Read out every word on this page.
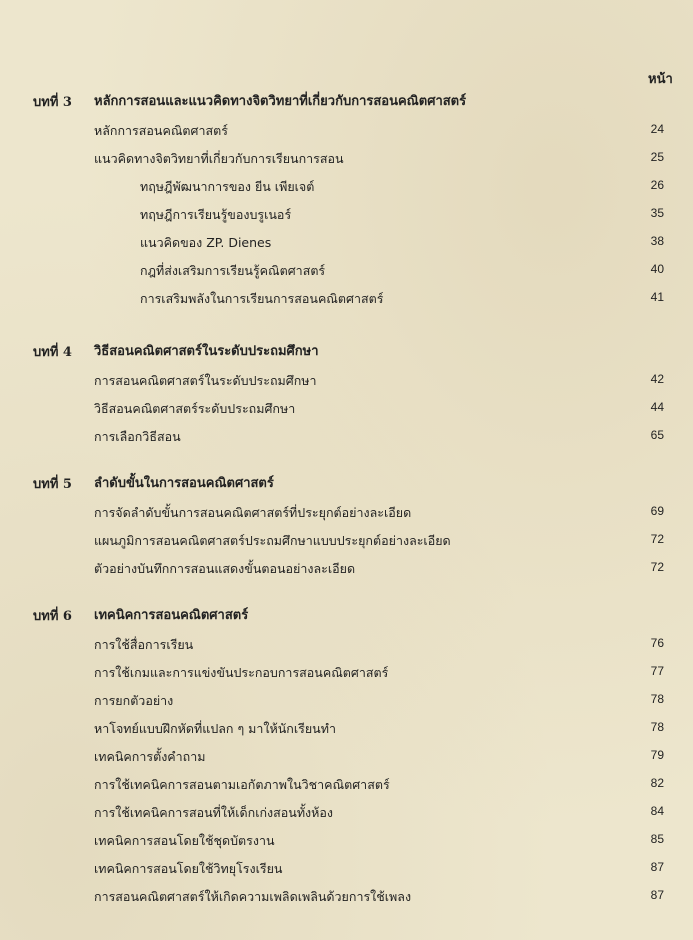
หน้า
บทที่ 3 หลักการสอนและแนวคิดทางจิตวิทยาที่เกี่ยวกับการสอนคณิตศาสตร์
หลักการสอนคณิตศาสตร์	24
แนวคิดทางจิตวิทยาที่เกี่ยวกับการเรียนการสอน	25
ทฤษฎีพัฒนาการของ ยีน เพียเจต์	26
ทฤษฎีการเรียนรู้ของบรูเนอร์	35
แนวคิดของ ZP. Dienes	38
กฎที่ส่งเสริมการเรียนรู้คณิตศาสตร์	40
การเสริมพลังในการเรียนการสอนคณิตศาสตร์	41
บทที่ 4 วิธีสอนคณิตศาสตร์ในระดับประถมศึกษา
การสอนคณิตศาสตร์ในระดับประถมศึกษา	42
วิธีสอนคณิตศาสตร์ระดับประถมศึกษา	44
การเลือกวิธีสอน	65
บทที่ 5 ลำดับขั้นในการสอนคณิตศาสตร์
การจัดลำดับขั้นการสอนคณิตศาสตร์ที่ประยุกต์อย่างละเอียด	69
แผนภูมิการสอนคณิตศาสตร์ประถมศึกษาแบบประยุกต์อย่างละเอียด	72
ตัวอย่างบันทึกการสอนแสดงขั้นตอนอย่างละเอียด	72
บทที่ 6 เทคนิคการสอนคณิตศาสตร์
การใช้สื่อการเรียน	76
การใช้เกมและการแข่งขันประกอบการสอนคณิตศาสตร์	77
การยกตัวอย่าง	78
หาโจทย์แบบฝึกหัดที่แปลก ๆ มาให้นักเรียนทำ	78
เทคนิคการตั้งคำถาม	79
การใช้เทคนิคการสอนตามเอกัตภาพในวิชาคณิตศาสตร์	82
การใช้เทคนิคการสอนที่ให้เด็กเก่งสอนทั้งห้อง	84
เทคนิคการสอนโดยใช้ชุดบัตรงาน	85
เทคนิคการสอนโดยใช้วิทยุโรงเรียน	87
การสอนคณิตศาสตร์ให้เกิดความเพลิดเพลินด้วยการใช้เพลง	87
